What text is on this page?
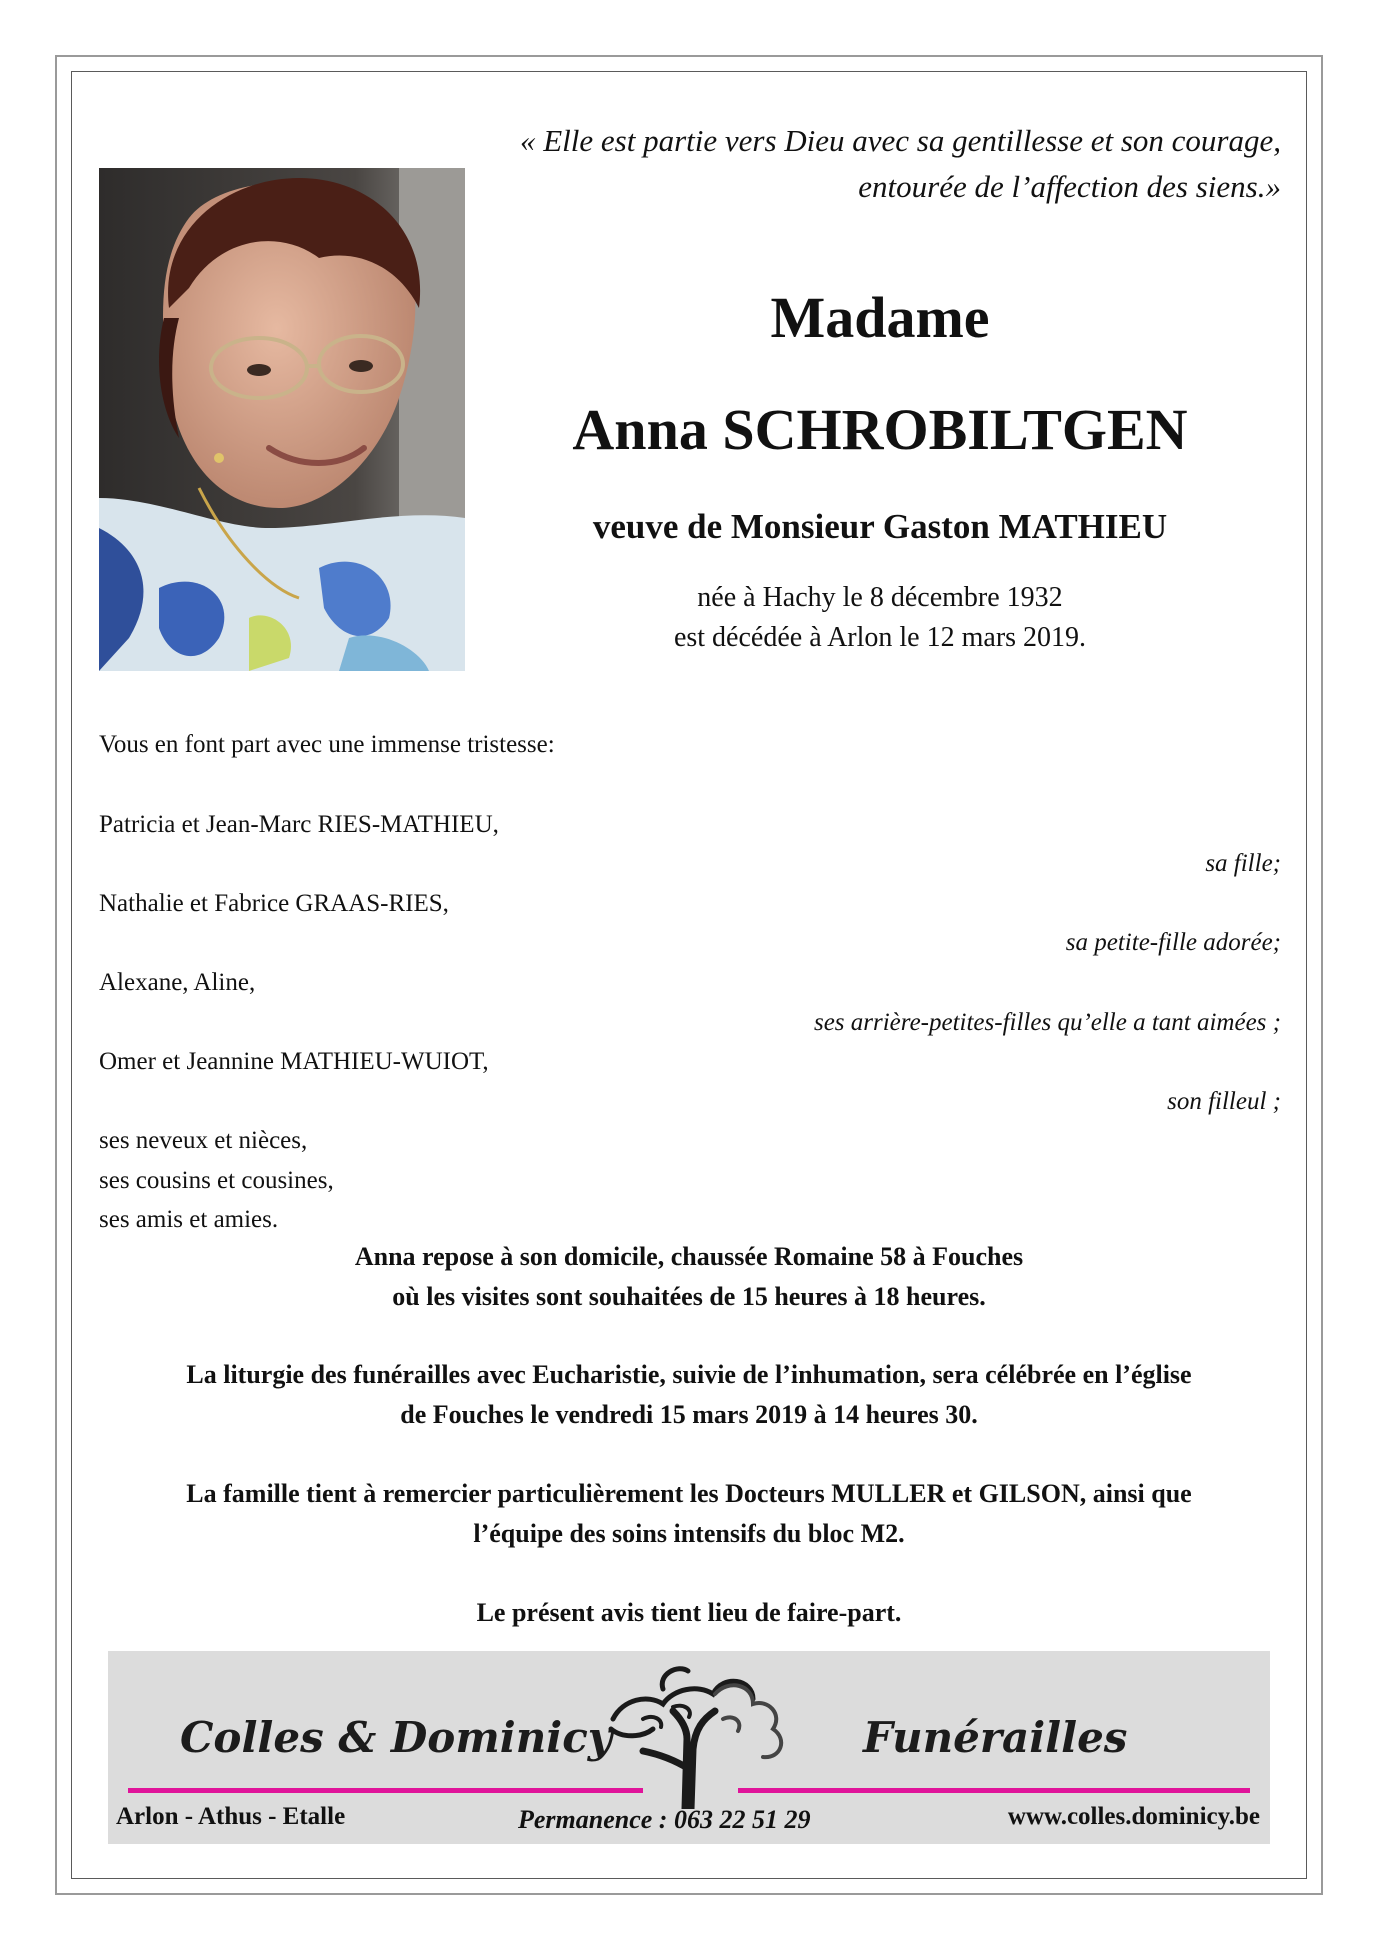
« Elle est partie vers Dieu avec sa gentillesse et son courage,
entourée de l’affection des siens.»
Madame
Anna SCHROBILTGEN
veuve de Monsieur Gaston MATHIEU
née à Hachy le 8 décembre 1932
est décédée à Arlon le 12 mars 2019.
Vous en font part avec une immense tristesse:
Patricia et Jean-Marc RIES-MATHIEU,
sa fille;
Nathalie et Fabrice GRAAS-RIES,
sa petite-fille adorée;
Alexane, Aline,
ses arrière-petites-filles qu’elle a tant aimées ;
Omer et Jeannine MATHIEU-WUIOT,
son filleul ;
ses neveux et nièces,
ses cousins et cousines,
ses amis et amies.
Anna repose à son domicile, chaussée Romaine 58 à Fouches
où les visites sont souhaitées de 15 heures à 18 heures.
La liturgie des funérailles avec Eucharistie, suivie de l’inhumation, sera célébrée en l’église
de Fouches le vendredi 15 mars 2019 à 14 heures 30.
La famille tient à remercier particulièrement les Docteurs MULLER et GILSON, ainsi que
l’équipe des soins intensifs du bloc M2.
Le présent avis tient lieu de faire-part.
Colles & Dominicy	Funérailles
Arlon - Athus - Etalle	Permanence : 063 22 51 29	www.colles.dominicy.be
